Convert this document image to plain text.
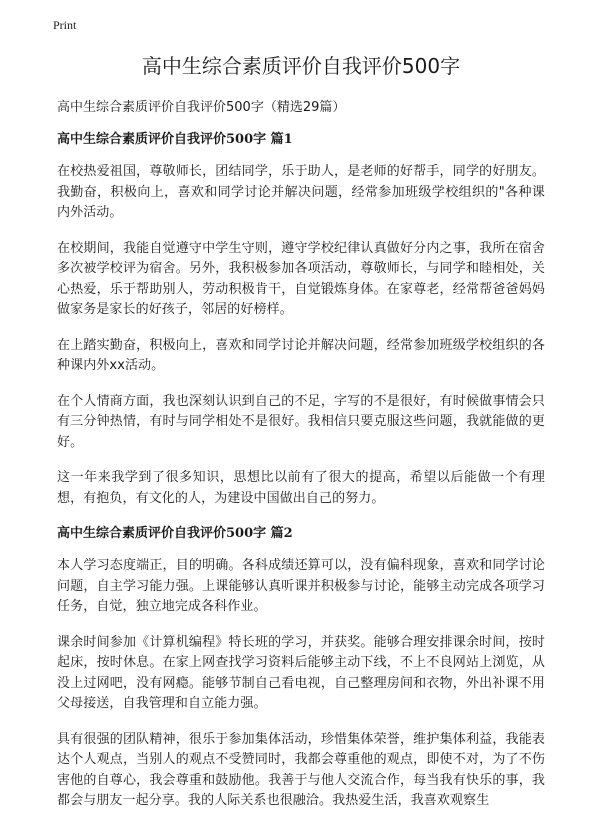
Print
高中生综合素质评价自我评价500字

高中生综合素质评价自我评价500字（精选29篇）

高中生综合素质评价自我评价500字 篇1

在校热爱祖国，尊敬师长，团结同学，乐于助人，是老师的好帮手，同学的好朋友。我勤奋，积极向上，喜欢和同学讨论并解决问题，经常参加班级学校组织的"各种课内外活动。

在校期间，我能自觉遵守中学生守则，遵守学校纪律认真做好分内之事，我所在宿舍多次被学校评为宿舍。另外，我积极参加各项活动，尊敬师长，与同学和睦相处，关心热爱，乐于帮助别人，劳动积极肯干，自觉锻炼身体。在家尊老，经常帮爸爸妈妈做家务是家长的好孩子，邻居的好榜样。

在上踏实勤奋，积极向上，喜欢和同学讨论并解决问题，经常参加班级学校组织的各种课内外xx活动。

在个人情商方面，我也深刻认识到自己的不足，字写的不是很好，有时候做事情会只有三分钟热情，有时与同学相处不是很好。我相信只要克服这些问题，我就能做的更好。

这一年来我学到了很多知识，思想比以前有了很大的提高，希望以后能做一个有理想，有抱负，有文化的人，为建设中国做出自己的努力。

高中生综合素质评价自我评价500字 篇2

本人学习态度端正，目的明确。各科成绩还算可以，没有偏科现象，喜欢和同学讨论问题，自主学习能力强。上课能够认真听课并积极参与讨论，能够主动完成各项学习任务，自觉，独立地完成各科作业。

课余时间参加《计算机编程》特长班的学习，并获奖。能够合理安排课余时间，按时起床，按时休息。在家上网查找学习资料后能够主动下线，不上不良网站上浏览，从没上过网吧，没有网瘾。能够节制自己看电视，自己整理房间和衣物，外出补课不用父母接送，自我管理和自立能力强。

具有很强的团队精神，很乐于参加集体活动，珍惜集体荣誉，维护集体利益，我能表达个人观点，当别人的观点不受赞同时，我都会尊重他的观点，即使不对，为了不伤害他的自尊心，我会尊重和鼓励他。我善于与他人交流合作，每当我有快乐的事，我都会与朋友一起分享。我的人际关系也很融洽。我热爱生活，我喜欢观察生
